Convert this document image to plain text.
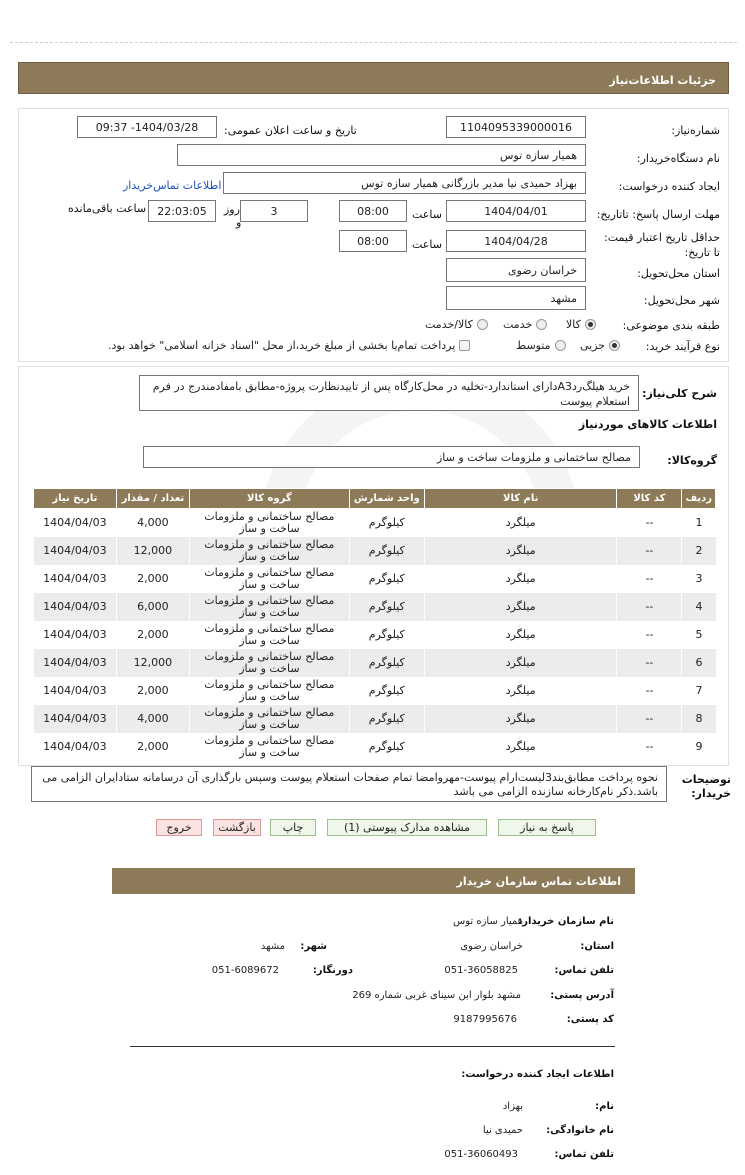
جزئیات اطلاعات‌نیاز
شماره‌نیاز:
1104095339000016
تاریخ و ساعت اعلان عمومی:
1404/03/28- 09:37
نام دستگاه‌خریدار:
همیار سازه توس
ایجاد کننده درخواست:
بهزاد حمیدی نیا مدیر بازرگانی همیار سازه توس
اطلاعات تماس‌خریدار
مهلت ارسال پاسخ: تاتاریخ:
1404/04/01
ساعت
08:00
3
روز
و
22:03:05
ساعت باقی‌مانده
حداقل تاریخ اعتبار قیمت: تا تاریخ:
1404/04/28
ساعت
08:00
استان محل‌تحویل:
خراسان رضوی
شهر محل‌تحویل:
مشهد
طبقه بندی موضوعی:
کالا
خدمت
کالا/خدمت
نوع فرآیند خرید:
جزیی
متوسط
پرداخت تمام‌یا بخشی از مبلغ خرید،از محل "اسناد خزانه اسلامی" خواهد بود.
شرح کلی‌نیاز:
خرید هیلگ‌ردA3دارای استاندارد-تخلیه در محل‌کارگاه پس از تاییدنظارت پروژه-مطابق بامفادمندرج در فرم استعلام پیوست
اطلاعات کالاهای موردنیاز
گروه‌کالا:
مصالح ساختمانی و ملزومات ساخت و ساز
ردیف	کد کالا	نام کالا	واحد شمارش	گروه کالا	تعداد / مقدار	تاریخ نیاز
1	--	میلگرد	کیلوگرم	مصالح ساختمانی و ملزومات ساخت و ساز	4,000	1404/04/03
2	--	میلگرد	کیلوگرم	مصالح ساختمانی و ملزومات ساخت و ساز	12,000	1404/04/03
3	--	میلگرد	کیلوگرم	مصالح ساختمانی و ملزومات ساخت و ساز	2,000	1404/04/03
4	--	میلگرد	کیلوگرم	مصالح ساختمانی و ملزومات ساخت و ساز	6,000	1404/04/03
5	--	میلگرد	کیلوگرم	مصالح ساختمانی و ملزومات ساخت و ساز	2,000	1404/04/03
6	--	میلگرد	کیلوگرم	مصالح ساختمانی و ملزومات ساخت و ساز	12,000	1404/04/03
7	--	میلگرد	کیلوگرم	مصالح ساختمانی و ملزومات ساخت و ساز	2,000	1404/04/03
8	--	میلگرد	کیلوگرم	مصالح ساختمانی و ملزومات ساخت و ساز	4,000	1404/04/03
9	--	میلگرد	کیلوگرم	مصالح ساختمانی و ملزومات ساخت و ساز	2,000	1404/04/03
توضیحات خریدار:
نحوه پرداخت مطابق‌بند3لیست‌ارام پیوست-مهروامضا تمام صفحات استعلام پیوست وسپس بارگذاری آن درسامانه ستادایران الزامی می باشد.ذکر نام‌کارخانه سازنده الزامی می باشد
پاسخ به نیاز
مشاهده مدارک پیوستی (1)
چاپ
بازگشت
خروج
اطلاعات تماس سازمان خریدار
نام سازمان خریدار:
همیار سازه توس
استان:
خراسان رضوی
شهر:
مشهد
تلفن تماس:
051-36058825
دورنگار:
051-6089672
آدرس پستی:
مشهد بلوار ابن سینای غربی شماره 269
کد پستی:
9187995676
اطلاعات ایجاد کننده درخواست:
نام:
بهزاد
نام خانوادگی:
حمیدی نیا
تلفن تماس:
051-36060493
